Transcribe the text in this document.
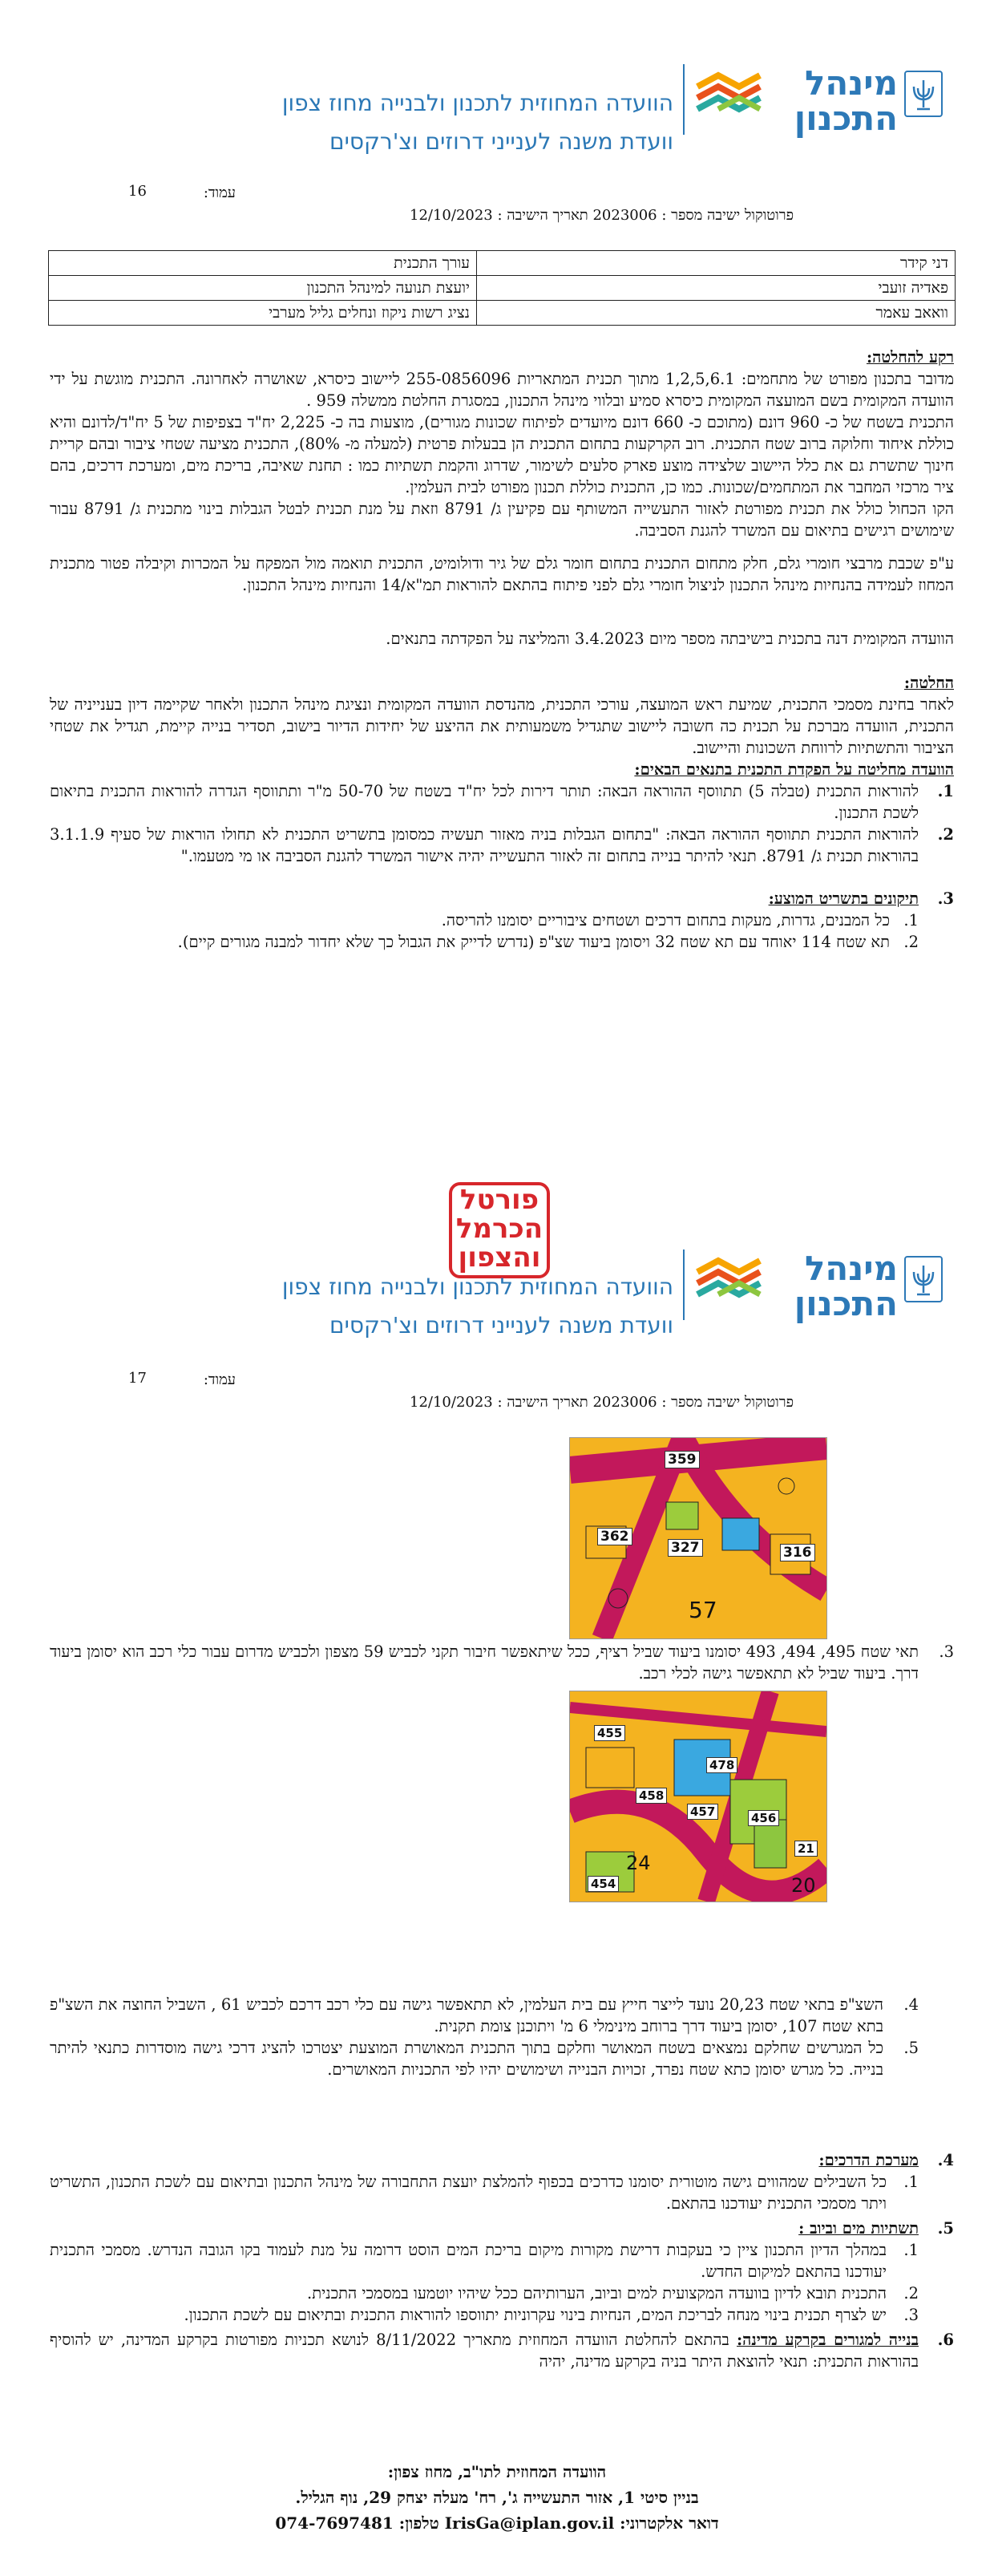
מינהל
התכנון
הוועדה המחוזית לתכנון ולבנייה מחוז צפון
וועדת משנה לענייני דרוזים וצ'רקסים
עמוד:
16
פרוטוקול ישיבה מספר : 2023006 תאריך הישיבה : 12/10/2023
דני קידר	עורך התכנית
פאדיה זועבי	יועצת תנועה למינהל התכנון
וואאב עאמר	נציג רשות ניקוז ונחלים גליל מערבי

רקע להחלטה:

מדובר בתכנון מפורט של מתחמים: 1,2,5,6.1 מתוך תכנית המתאריות 255-0856096 ליישוב כיסרא, שאושרה לאחרונה. התכנית מוגשת על ידי הוועדה המקומית בשם המועצה המקומית כיסרא סמיע ובלווי מינהל התכנון, במסגרת החלטת ממשלה 959 .

התכנית בשטח של כ- 960 דונם (מתוכם כ- 660 דונם מיועדים לפיתוח שכונות מגורים), מוצעות בה כ- 2,225 יח"ד בצפיפות של 5 יח"ד/לדונם והיא כוללת איחוד וחלוקה ברוב שטח התכנית. רוב הקרקעות בתחום התכנית הן בבעלות פרטית (למעלה מ- 80%), התכנית מציעה שטחי ציבור ובהם קריית חינוך שתשרת גם את כלל היישוב שלצידה מוצע פארק סלעים לשימור, שדרוג והקמת תשתיות כמו : תחנת שאיבה, בריכת מים, ומערכת דרכים, בהם ציר מרכזי המחבר את המתחמים/שכונות. כמו כן, התכנית כוללת תכנון מפורט לבית העלמין.

הקו הכחול כולל את תכנית מפורטת לאזור התעשייה המשותף עם פקיעין ג/ 8791 וזאת על מנת תכנית לבטל הגבלות בינוי מתכנית ג/ 8791 עבור שימושים רגישים בתיאום עם המשרד להגנת הסביבה.

ע"פ שכבת מרבצי חומרי גלם, חלק מתחום התכנית בתחום חומר גלם של גיר ודולומיט, התכנית תואמה מול המפקח על המכרות וקיבלה פטור מתכנית המחוז לעמידה בהנחיות מינהל התכנון לניצול חומרי גלם לפני פיתוח בהתאם להוראות תמ"א/14 והנחיות מינהל התכנון.

הוועדה המקומית דנה בתכנית בישיבתה מספר מיום 3.4.2023 והמליצה על הפקדתה בתנאים.

החלטה:

לאחר בחינת מסמכי התכנית, שמיעת ראש המועצה, עורכי התכנית, מהנדסת הוועדה המקומית ונציגת מינהל התכנון ולאחר שקיימה דיון בענייניה של התכנית, הוועדה מברכת על תכנית כה חשובה ליישוב שתגדיל משמעותית את ההיצע של יחידות הדיור בישוב, תסדיר בנייה קיימת, תגדיל את שטחי הציבור והתשתיות לרווחת השכונות והיישוב.

הוועדה מחליטה על הפקדת התכנית בתנאים הבאים:

1.

להוראות התכנית (טבלה 5) תתווסף ההוראה הבאה: תותר דירות לכל יח"ד בשטח של 50-70 מ"ר ותתווסף הגדרה להוראות התכנית בתיאום לשכת התכנון.

2.

להוראות התכנית תתווסף ההוראה הבאה: "בתחום הגבלות בניה מאזור תעשיה כמסומן בתשריט התכנית לא תחולו הוראות של סעיף 3.1.1.9 בהוראות תכנית ג/ 8791. תנאי להיתר בנייה בתחום זה לאזור התעשייה יהיה אישור המשרד להגנת הסביבה או מי מטעמו."

3.

תיקונים בתשריט המוצע:

1.

כל המבנים, גדרות, מעקות בתחום דרכים ושטחים ציבוריים יסומנו להריסה.

2.

תא שטח 114 יאוחד עם תא שטח 32 ויסומן ביעוד שצ"פ (נדרש לדייק את הגבול כך שלא יחדור למבנה מגורים קיים).

פורטל
הכרמל
והצפון	מינהל
התכנון
הוועדה המחוזית לתכנון ולבנייה מחוז צפון
וועדת משנה לענייני דרוזים וצ'רקסים
עמוד:
17
פרוטוקול ישיבה מספר : 2023006 תאריך הישיבה : 12/10/2023
359
362
327	316
57
3.

תאי שטח 495, 494, 493 יסומנו ביעוד שביל רציף, ככל שיתאפשר חיבור תקני לכביש 59 מצפון ולכביש מדרום עבור כלי רכב הוא יסומן ביעוד דרך. ביעוד שביל לא תתאפשר גישה לכלי רכב.

455
478
458
457	456
21
24
454	20
4.

השצ"פ בתאי שטח 20,23 נועד לייצר חייץ עם בית העלמין, לא תתאפשר גישה עם כלי רכב דרכם לכביש 61 , השביל החוצה את השצ"פ בתא שטח 107, יסומן ביעוד דרך ברוחב מינימלי 6 מ' ויתוכנן צומת תקנית.

5.

כל המגרשים שחלקם נמצאים בשטח המאושר וחלקם בתוך התכנית המאושרת המוצעת יצטרכו להציג דרכי גישה מוסדרות כתנאי להיתר בנייה. כל מגרש יסומן כתא שטח נפרד, זכויות הבנייה ושימושים יהיו לפי התכניות המאושרים.

4.

מערכת הדרכים:

1.

כל השבילים שמהווים גישה מוטורית יסומנו כדרכים בכפוף להמלצת יועצת התחבורה של מינהל התכנון ובתיאום עם לשכת התכנון, התשריט ויתר מסמכי התכנית יעודכנו בהתאם.

5.

תשתיות מים וביוב :

1.

במהלך הדיון התכנון ציין כי בעקבות דרישת מקורות מיקום בריכת המים הוסט דרומה על מנת לעמוד בקו הגובה הנדרש. מסמכי התכנית יעודכנו בהתאם למיקום החדש.

2.

התכנית תובא לדיון בוועדה המקצועית למים וביוב, הערותיהם ככל שיהיו יוטמעו במסמכי התכנית.

3.

יש לצרף תכנית בינוי מנחה לבריכת המים, הנחיות בינוי עקרוניות יתווספו להוראות התכנית ובתיאום עם לשכת התכנון.

6.

בנייה למגורים בקרקע מדינה: בהתאם להחלטת הוועדה המחוזית מתאריך 8/11/2022 לנושא תכניות מפורטות בקרקע המדינה, יש להוסיף בהוראות התכנית: תנאי להוצאת היתר בניה בקרקע מדינה, יהיה

הוועדה המחוזית לתו"ב, מחוז צפון:
בניין סיטי 1, אזור התעשייה ג', רח' מעלה יצחק 29, נוף הגליל.
דואר אלקטרוני: IrisGa@iplan.gov.il טלפון: 074-7697481
